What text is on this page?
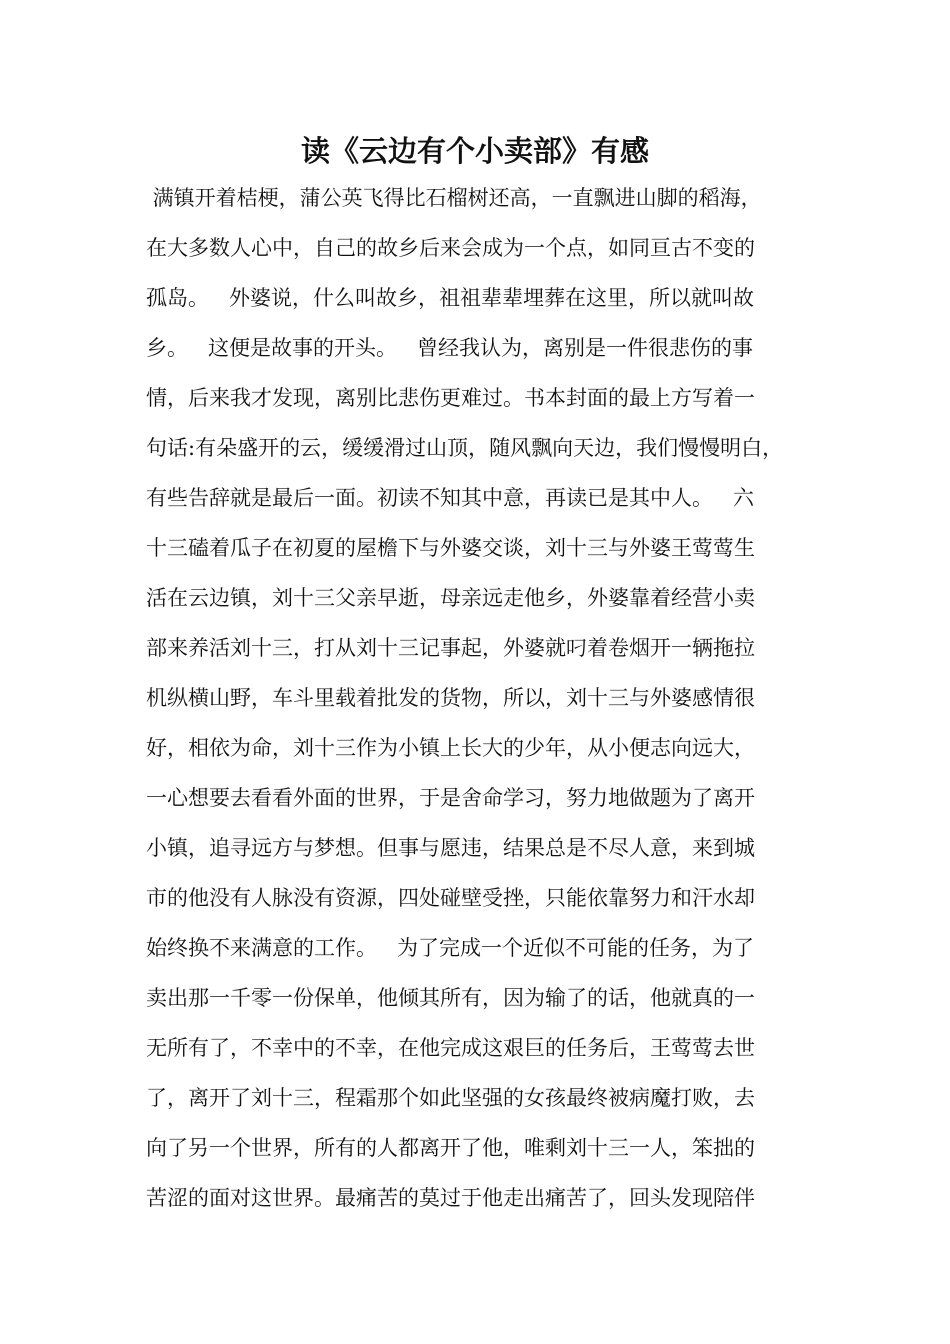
读《云边有个小卖部》有感
满镇开着桔梗，蒲公英飞得比石榴树还高，一直飘进山脚的稻海，
在大多数人心中，自己的故乡后来会成为一个点，如同亘古不变的
孤岛。   外婆说，什么叫故乡，祖祖辈辈埋葬在这里，所以就叫故
乡。   这便是故事的开头。   曾经我认为，离别是一件很悲伤的事
情，后来我才发现，离别比悲伤更难过。书本封面的最上方写着一
句话:有朵盛开的云，缓缓滑过山顶，随风飘向天边，我们慢慢明白，
有些告辞就是最后一面。初读不知其中意，再读已是其中人。   六
十三磕着瓜子在初夏的屋檐下与外婆交谈，刘十三与外婆王莺莺生
活在云边镇，刘十三父亲早逝，母亲远走他乡，外婆靠着经营小卖
部来养活刘十三，打从刘十三记事起，外婆就叼着卷烟开一辆拖拉
机纵横山野，车斗里载着批发的货物，所以，刘十三与外婆感情很
好，相依为命，刘十三作为小镇上长大的少年，从小便志向远大，
一心想要去看看外面的世界，于是舍命学习，努力地做题为了离开
小镇，追寻远方与梦想。但事与愿违，结果总是不尽人意，来到城
市的他没有人脉没有资源，四处碰壁受挫，只能依靠努力和汗水却
始终换不来满意的工作。   为了完成一个近似不可能的任务，为了
卖出那一千零一份保单，他倾其所有，因为输了的话，他就真的一
无所有了，不幸中的不幸，在他完成这艰巨的任务后，王莺莺去世
了，离开了刘十三，程霜那个如此坚强的女孩最终被病魔打败，去
向了另一个世界，所有的人都离开了他，唯剩刘十三一人，笨拙的
苦涩的面对这世界。最痛苦的莫过于他走出痛苦了，回头发现陪伴
